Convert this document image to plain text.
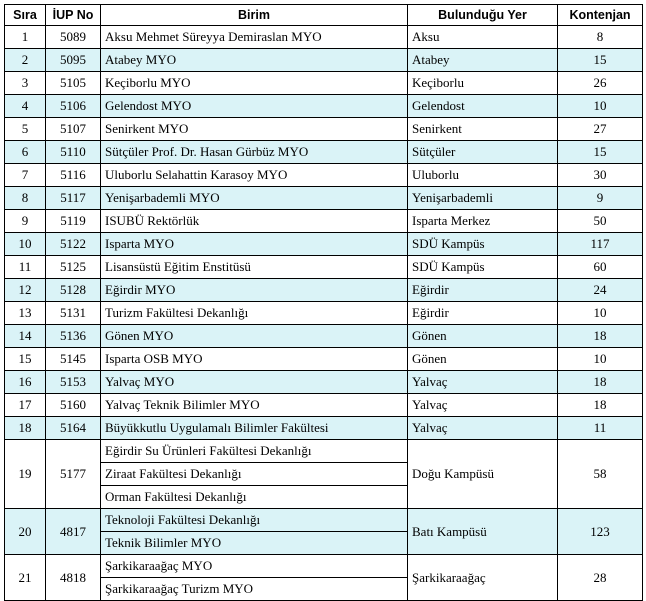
Sıra	İUP No	Birim	Bulunduğu Yer	Kontenjan
1	5089	Aksu Mehmet Süreyya Demiraslan MYO	Aksu	8
2	5095	Atabey MYO	Atabey	15
3	5105	Keçiborlu MYO	Keçiborlu	26
4	5106	Gelendost MYO	Gelendost	10
5	5107	Senirkent MYO	Senirkent	27
6	5110	Sütçüler Prof. Dr. Hasan Gürbüz MYO	Sütçüler	15
7	5116	Uluborlu Selahattin Karasoy MYO	Uluborlu	30
8	5117	Yenişarbademli MYO	Yenişarbademli	9
9	5119	ISUBÜ Rektörlük	Isparta Merkez	50
10	5122	Isparta MYO	SDÜ Kampüs	117
11	5125	Lisansüstü Eğitim Enstitüsü	SDÜ Kampüs	60
12	5128	Eğirdir MYO	Eğirdir	24
13	5131	Turizm Fakültesi Dekanlığı	Eğirdir	10
14	5136	Gönen MYO	Gönen	18
15	5145	Isparta OSB MYO	Gönen	10
16	5153	Yalvaç MYO	Yalvaç	18
17	5160	Yalvaç Teknik Bilimler MYO	Yalvaç	18
18	5164	Büyükkutlu Uygulamalı Bilimler Fakültesi	Yalvaç	11
19	5177	Eğirdir Su Ürünleri Fakültesi Dekanlığı	Doğu Kampüsü	58
		Ziraat Fakültesi Dekanlığı		
		Orman Fakültesi Dekanlığı		
20	4817	Teknoloji Fakültesi Dekanlığı	Batı Kampüsü	123
		Teknik Bilimler MYO		
21	4818	Şarkikaraağaç MYO	Şarkikaraağaç	28
		Şarkikaraağaç Turizm MYO		
